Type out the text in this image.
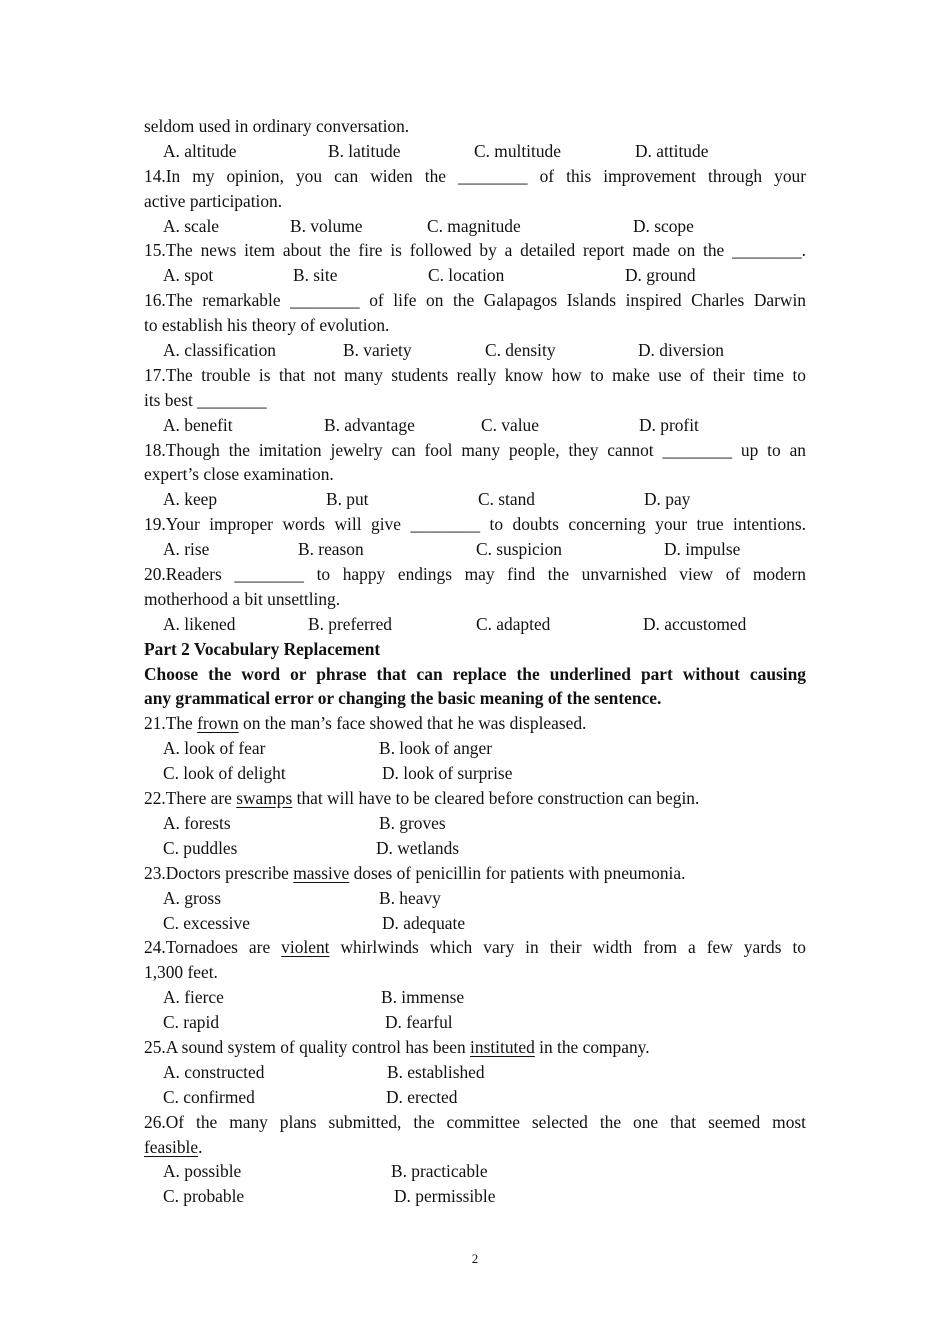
seldom used in ordinary conversation.
A. altitude	B. latitude	C. multitude	D. attitude
14.In my opinion, you can widen the ________ of this improvement through your
active participation.
A. scale	B. volume	C. magnitude	D. scope
15.The news item about the fire is followed by a detailed report made on the ________.
A. spot	B. site	C. location	D. ground
16.The remarkable ________ of life on the Galapagos Islands inspired Charles Darwin
to establish his theory of evolution.
A. classification	B. variety	C. density	D. diversion
17.The trouble is that not many students really know how to make use of their time to
its best ________
A. benefit	B. advantage	C. value	D. profit
18.Though the imitation jewelry can fool many people, they cannot ________ up to an
expert’s close examination.
A. keep	B. put	C. stand	D. pay
19.Your improper words will give ________ to doubts concerning your true intentions.
A. rise	B. reason	C. suspicion	D. impulse
20.Readers ________ to happy endings may find the unvarnished view of modern
motherhood a bit unsettling.
A. likened	B. preferred	C. adapted	D. accustomed
Part 2 Vocabulary Replacement
Choose the word or phrase that can replace the underlined part without causing
any grammatical error or changing the basic meaning of the sentence.
21.The frown on the man’s face showed that he was displeased.
A. look of fear	B. look of anger
C. look of delight	D. look of surprise
22.There are swamps that will have to be cleared before construction can begin.
A. forests	B. groves
C. puddles	D. wetlands
23.Doctors prescribe massive doses of penicillin for patients with pneumonia.
A. gross	B. heavy
C. excessive	D. adequate
24.Tornadoes are violent whirlwinds which vary in their width from a few yards to
1,300 feet.
A. fierce	B. immense
C. rapid	D. fearful
25.A sound system of quality control has been instituted in the company.
A. constructed	B. established
C. confirmed	D. erected
26.Of the many plans submitted, the committee selected the one that seemed most
feasible.
A. possible	B. practicable
C. probable	D. permissible
2
